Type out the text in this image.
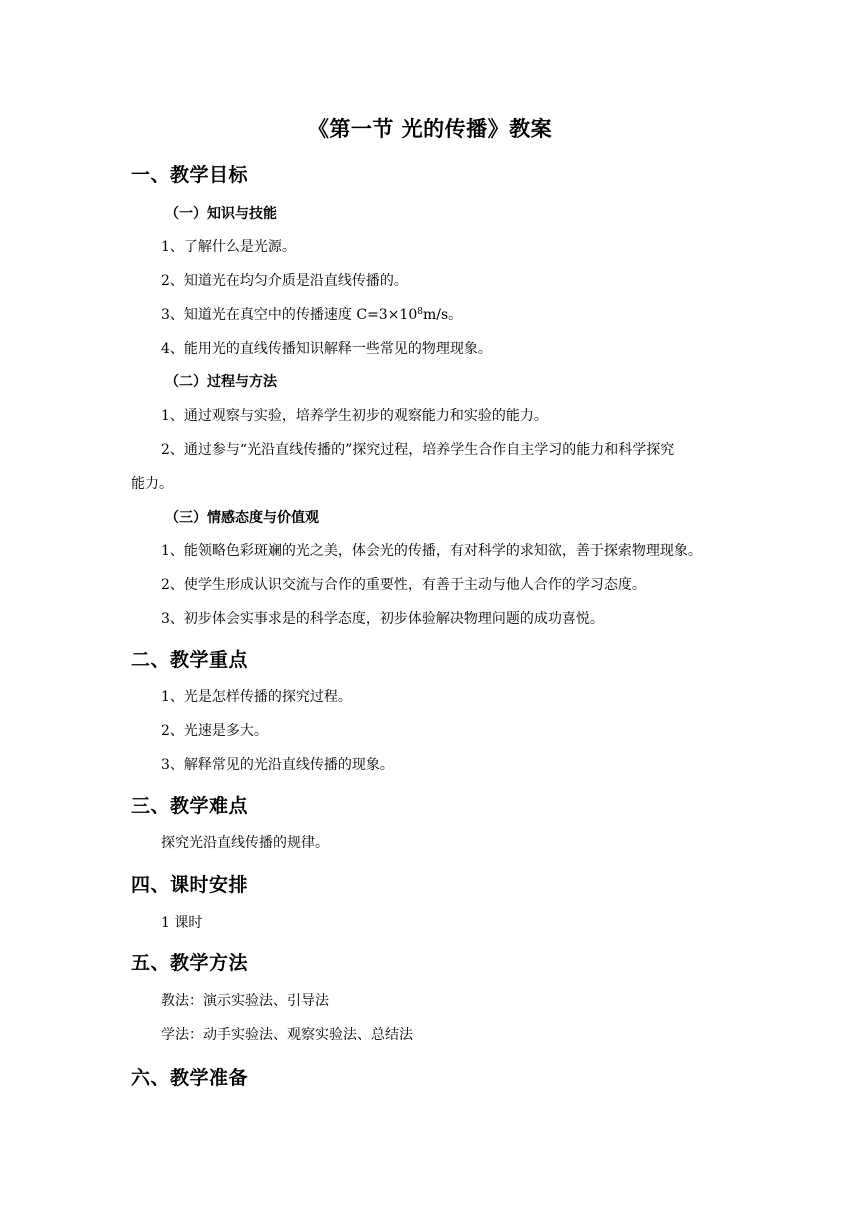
《第一节 光的传播》教案
一、教学目标
（一）知识与技能
1、了解什么是光源。
2、知道光在均匀介质是沿直线传播的。
3、知道光在真空中的传播速度 $C=3\times 10^8m/s$。
4、能用光的直线传播知识解释一些常见的物理现象。
（二）过程与方法
1、通过观察与实验，培养学生初步的观察能力和实验的能力。
2、通过参与“光沿直线传播的”探究过程，培养学生合作自主学习的能力和科学探究
能力。
（三）情感态度与价值观
1、能领略色彩斑斓的光之美，体会光的传播，有对科学的求知欲，善于探索物理现象。
2、使学生形成认识交流与合作的重要性，有善于主动与他人合作的学习态度。
3、初步体会实事求是的科学态度，初步体验解决物理问题的成功喜悦。
二、教学重点
1、光是怎样传播的探究过程。
2、光速是多大。
3、解释常见的光沿直线传播的现象。
三、教学难点
探究光沿直线传播的规律。
四、课时安排
1 课时
五、教学方法
教法：演示实验法、引导法
学法：动手实验法、观察实验法、总结法
六、教学准备
